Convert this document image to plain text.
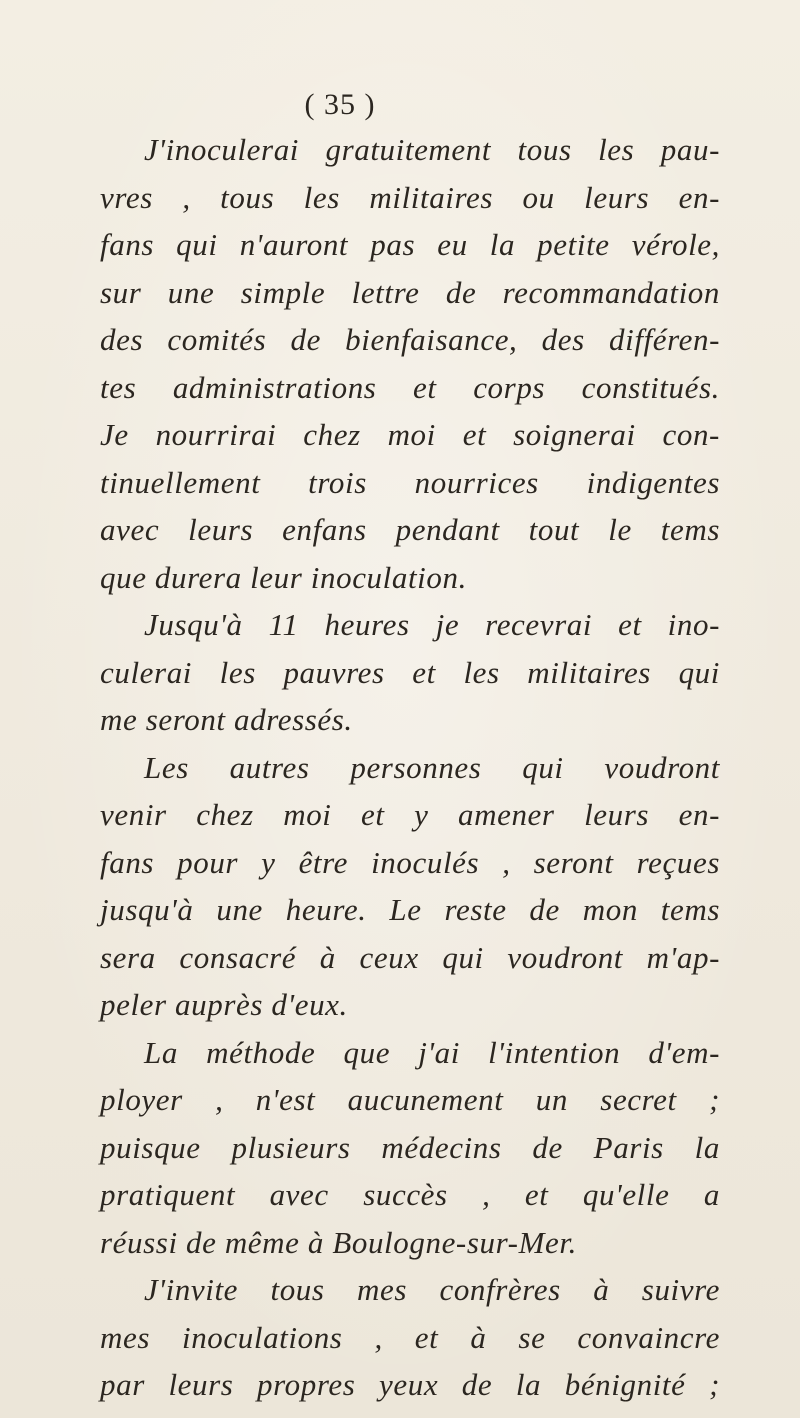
( 35 )
J'inoculerai gratuitement tous les pau-
vres , tous les militaires ou leurs en-
fans qui n'auront pas eu la petite vérole,
sur une simple lettre de recommandation
des comités de bienfaisance, des différen-
tes administrations et corps constitués.
Je nourrirai chez moi et soignerai con-
tinuellement trois nourrices indigentes
avec leurs enfans pendant tout le tems
que durera leur inoculation.
Jusqu'à 11 heures je recevrai et ino-
culerai les pauvres et les militaires qui
me seront adressés.
Les autres personnes qui voudront
venir chez moi et y amener leurs en-
fans pour y être inoculés , seront reçues
jusqu'à une heure. Le reste de mon tems
sera consacré à ceux qui voudront m'ap-
peler auprès d'eux.
La méthode que j'ai l'intention d'em-
ployer , n'est aucunement un secret ;
puisque plusieurs médecins de Paris la
pratiquent avec succès , et qu'elle a
réussi de même à Boulogne-sur-Mer.
J'invite tous mes confrères à suivre
mes inoculations , et à se convaincre
par leurs propres yeux de la bénignité ;
